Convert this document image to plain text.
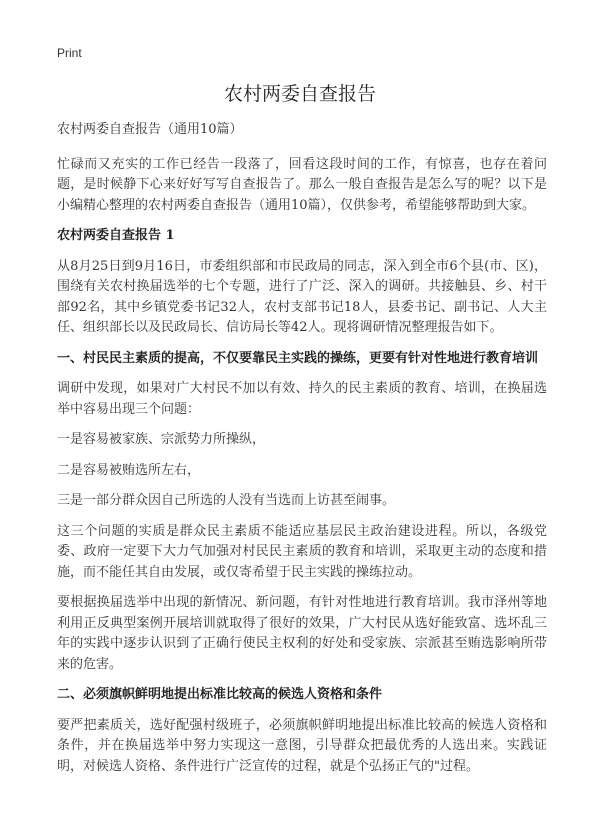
Print
农村两委自查报告

农村两委自查报告（通用10篇）

忙碌而又充实的工作已经告一段落了，回看这段时间的工作，有惊喜，也存在着问题，是时候静下心来好好写写自查报告了。那么一般自查报告是怎么写的呢？以下是小编精心整理的农村两委自查报告（通用10篇），仅供参考，希望能够帮助到大家。

农村两委自查报告 1

从8月25日到9月16日，市委组织部和市民政局的同志，深入到全市6个县(市、区)，围绕有关农村换届选举的七个专题，进行了广泛、深入的调研。共接触县、乡、村干部92名，其中乡镇党委书记32人，农村支部书记18人，县委书记、副书记、人大主任、组织部长以及民政局长、信访局长等42人。现将调研情况整理报告如下。

一、村民民主素质的提高，不仅要靠民主实践的操练，更要有针对性地进行教育培训

调研中发现，如果对广大村民不加以有效、持久的民主素质的教育、培训，在换届选举中容易出现三个问题：

一是容易被家族、宗派势力所操纵，

二是容易被贿选所左右，

三是一部分群众因自己所选的人没有当选而上访甚至闹事。

这三个问题的实质是群众民主素质不能适应基层民主政治建设进程。所以，各级党委、政府一定要下大力气加强对村民民主素质的教育和培训，采取更主动的态度和措施，而不能任其自由发展，或仅寄希望于民主实践的操练拉动。

要根据换届选举中出现的新情况、新问题，有针对性地进行教育培训。我市泽州等地利用正反典型案例开展培训就取得了很好的效果，广大村民从选好能致富、选坏乱三年的实践中逐步认识到了正确行使民主权利的好处和受家族、宗派甚至贿选影响所带来的危害。

二、必须旗帜鲜明地提出标准比较高的候选人资格和条件

要严把素质关，选好配强村级班子，必须旗帜鲜明地提出标准比较高的候选人资格和条件，并在换届选举中努力实现这一意图，引导群众把最优秀的人选出来。实践证明，对候选人资格、条件进行广泛宣传的过程，就是个弘扬正气的"过程。
